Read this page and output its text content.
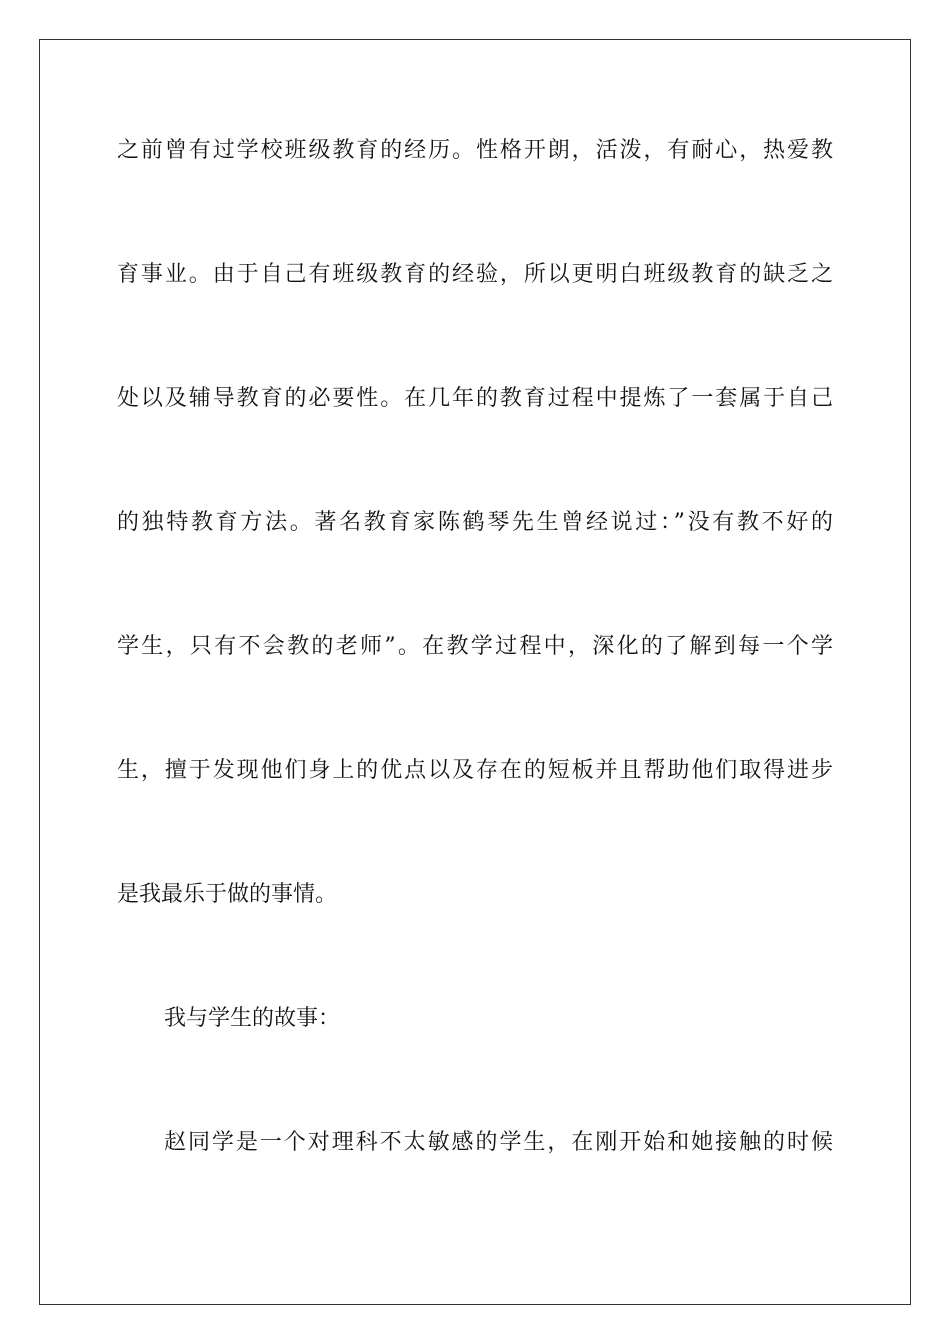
之前曾有过学校班级教育的经历。性格开朗，活泼，有耐心，热爱教
育事业。由于自己有班级教育的经验，所以更明白班级教育的缺乏之
处以及辅导教育的必要性。在几年的教育过程中提炼了一套属于自己
的独特教育方法。著名教育家陈鹤琴先生曾经说过：”没有教不好的
学生，只有不会教的老师”。在教学过程中，深化的了解到每一个学
生，擅于发现他们身上的优点以及存在的短板并且帮助他们取得进步
是我最乐于做的事情。
我与学生的故事：
赵同学是一个对理科不太敏感的学生，在刚开始和她接触的时候
